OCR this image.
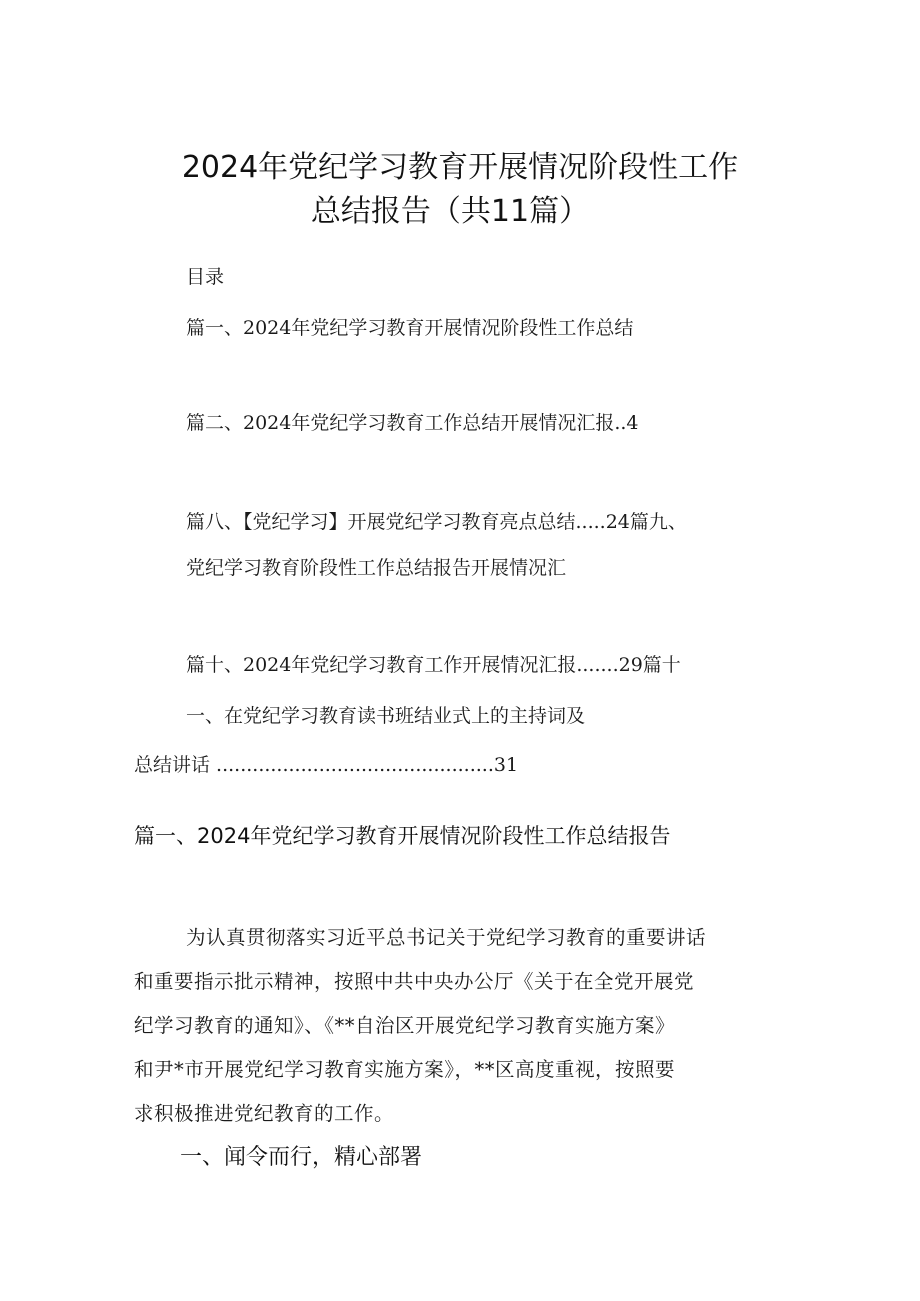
2024年党纪学习教育开展情况阶段性工作
总结报告（共11篇）
目录
篇一、2024年党纪学习教育开展情况阶段性工作总结
篇二、2024年党纪学习教育工作总结开展情况汇报..4
篇八、【党纪学习】开展党纪学习教育亮点总结.....24篇九、
党纪学习教育阶段性工作总结报告开展情况汇
篇十、2024年党纪学习教育工作开展情况汇报.......29篇十
一、在党纪学习教育读书班结业式上的主持词及
总结讲话 ..............................................31
篇一、2024年党纪学习教育开展情况阶段性工作总结报告
为认真贯彻落实习近平总书记关于党纪学习教育的重要讲话
和重要指示批示精神，按照中共中央办公厅《关于在全党开展党
纪学习教育的通知》、《**自治区开展党纪学习教育实施方案》
和尹*市开展党纪学习教育实施方案》，**区高度重视，按照要
求积极推进党纪教育的工作。
一、闻令而行，精心部署
